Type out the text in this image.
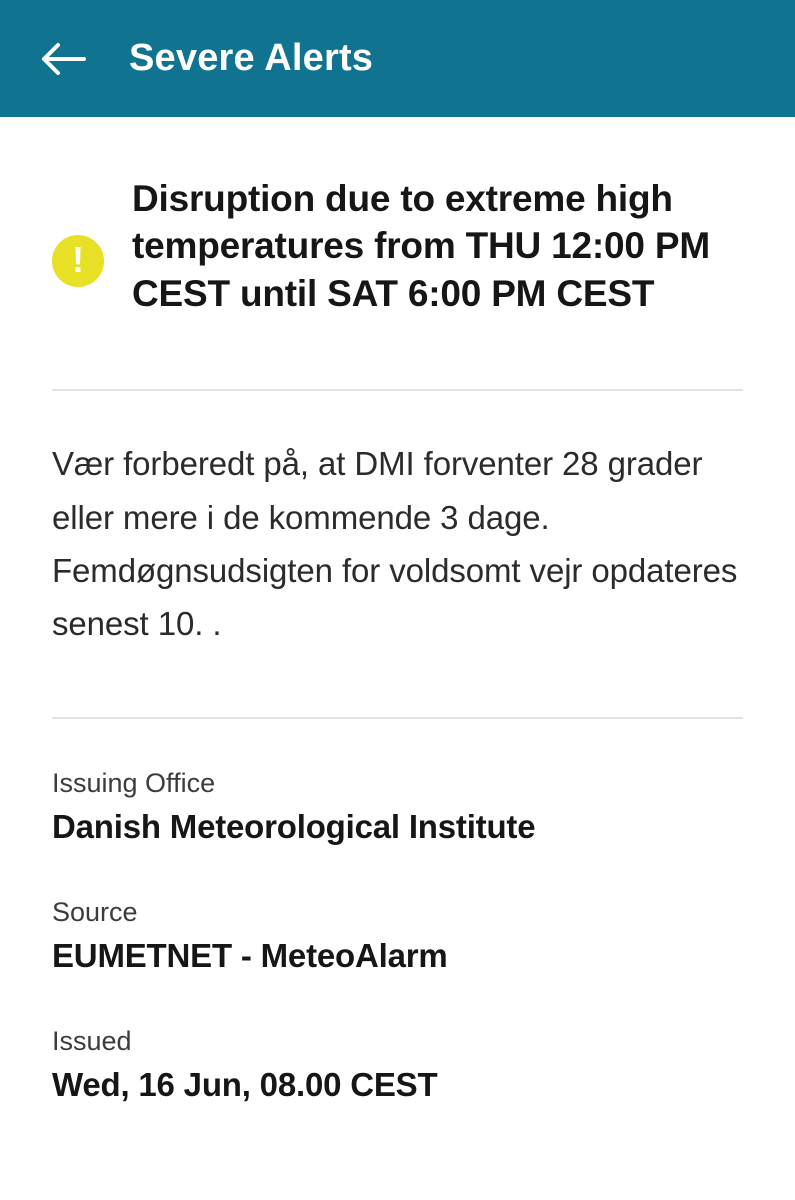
Severe Alerts
!
Disruption due to extreme high temperatures from THU 12:00 PM CEST until SAT 6:00 PM CEST
Vær forberedt på, at DMI forventer 28 grader eller mere i de kommende 3 dage. Femdøgnsudsigten for voldsomt vejr opdateres senest 10. .
Issuing Office
Danish Meteorological Institute
Source
EUMETNET - MeteoAlarm
Issued
Wed, 16 Jun, 08.00 CEST
